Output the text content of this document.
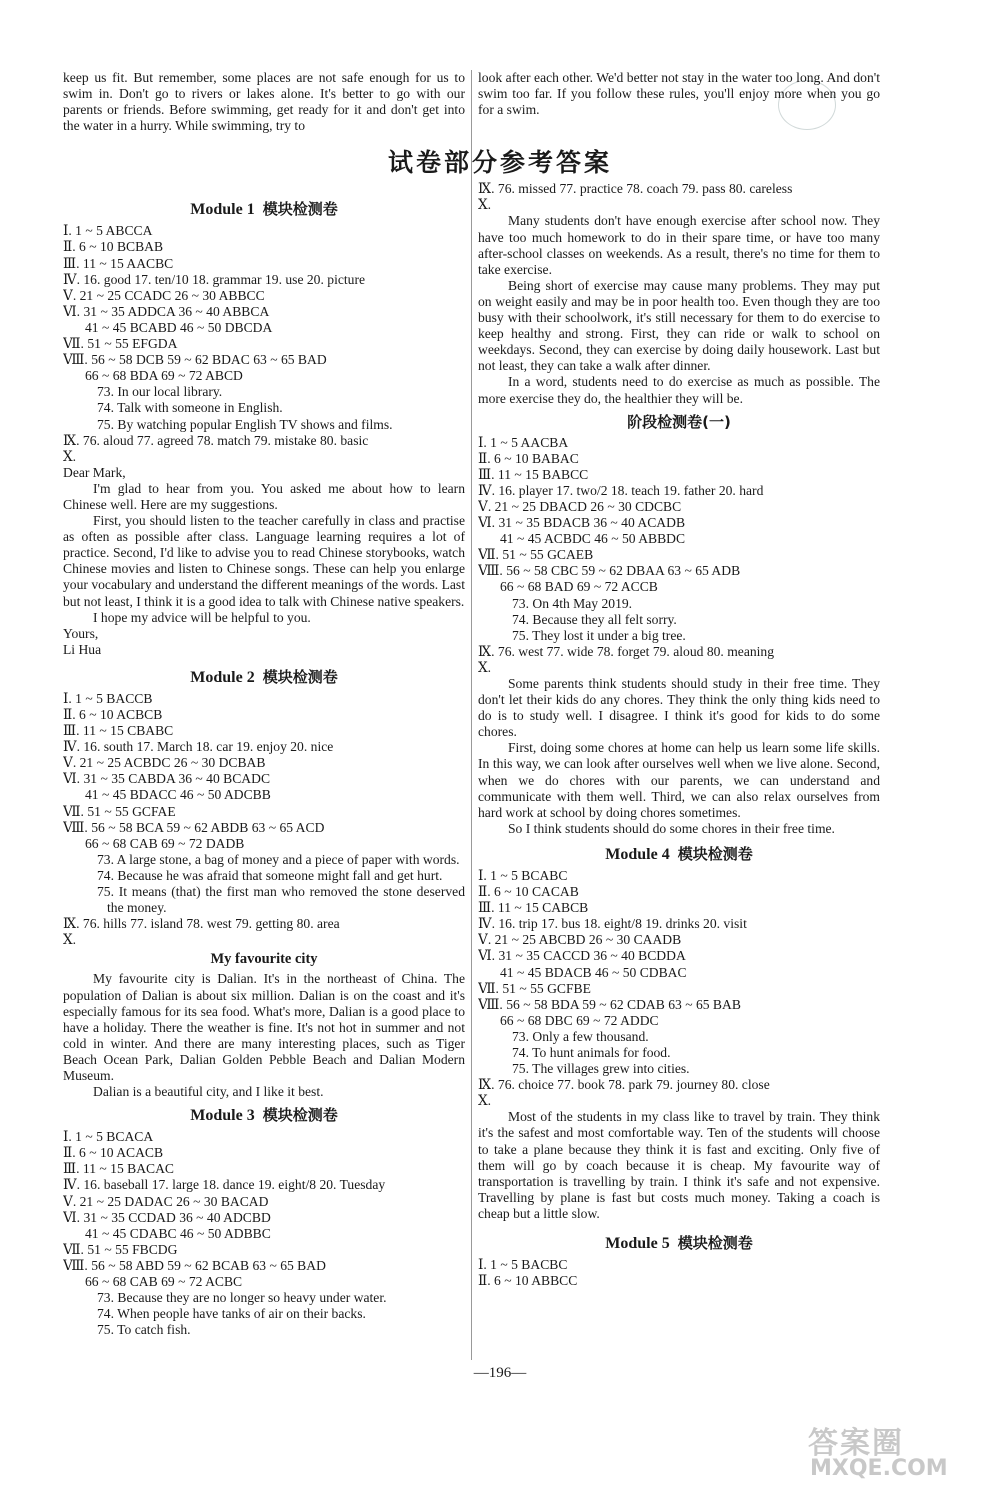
keep us fit. But remember, some places are not safe enough for us to swim in. Don't go to rivers or lakes alone. It's better to go with our parents or friends. Before swimming, get ready for it and don't get into the water in a hurry. While swimming, try to

Module 1 模块检测卷
Ⅰ. 1 ~ 5 ABCCA
Ⅱ. 6 ~ 10 BCBAB
Ⅲ. 11 ~ 15 AACBC
Ⅳ. 16. good 17. ten/10 18. grammar 19. use 20. picture
Ⅴ. 21 ~ 25 CCADC 26 ~ 30 ABBCC
Ⅵ. 31 ~ 35 ADDCA 36 ~ 40 ABBCA
41 ~ 45 BCABD 46 ~ 50 DBCDA
Ⅶ. 51 ~ 55 EFGDA
Ⅷ. 56 ~ 58 DCB 59 ~ 62 BDAC 63 ~ 65 BAD
66 ~ 68 BDA 69 ~ 72 ABCD
73. In our local library.
74. Talk with someone in English.
75. By watching popular English TV shows and films.
Ⅸ. 76. aloud 77. agreed 78. match 79. mistake 80. basic
Ⅹ.

Dear Mark,

I'm glad to hear from you. You asked me about how to learn Chinese well. Here are my suggestions.

First, you should listen to the teacher carefully in class and practise as often as possible after class. Language learning requires a lot of practice. Second, I'd like to advise you to read Chinese storybooks, watch Chinese movies and listen to Chinese songs. These can help you enlarge your vocabulary and understand the different meanings of the words. Last but not least, I think it is a good idea to talk with Chinese native speakers.

I hope my advice will be helpful to you.

Yours,

Li Hua

Module 2 模块检测卷
Ⅰ. 1 ~ 5 BACCB
Ⅱ. 6 ~ 10 ACBCB
Ⅲ. 11 ~ 15 CBABC
Ⅳ. 16. south 17. March 18. car 19. enjoy 20. nice
Ⅴ. 21 ~ 25 ACBDC 26 ~ 30 DCBAB
Ⅵ. 31 ~ 35 CABDA 36 ~ 40 BCADC
41 ~ 45 BDACC 46 ~ 50 ADCBB
Ⅶ. 51 ~ 55 GCFAE
Ⅷ. 56 ~ 58 BCA 59 ~ 62 ABDB 63 ~ 65 ACD
66 ~ 68 CAB 69 ~ 72 DADB

73. A large stone, a bag of money and a piece of paper with words.

74. Because he was afraid that someone might fall and get hurt.

75. It means (that) the first man who removed the stone deserved the money.

Ⅸ. 76. hills 77. island 78. west 79. getting 80. area
Ⅹ.
My favourite city

My favourite city is Dalian. It's in the northeast of China. The population of Dalian is about six million. Dalian is on the coast and it's especially famous for its sea food. What's more, Dalian is a good place to have a holiday. There the weather is fine. It's not hot in summer and not cold in winter. And there are many interesting places, such as Tiger Beach Ocean Park, Dalian Golden Pebble Beach and Dalian Modern Museum.

Dalian is a beautiful city, and I like it best.

Module 3 模块检测卷
Ⅰ. 1 ~ 5 BCACA
Ⅱ. 6 ~ 10 ACACB
Ⅲ. 11 ~ 15 BACAC
Ⅳ. 16. baseball 17. large 18. dance 19. eight/8 20. Tuesday
Ⅴ. 21 ~ 25 DADAC 26 ~ 30 BACAD
Ⅵ. 31 ~ 35 CCDAD 36 ~ 40 ADCBD
41 ~ 45 CDABC 46 ~ 50 ADBBC
Ⅶ. 51 ~ 55 FBCDG
Ⅷ. 56 ~ 58 ABD 59 ~ 62 BCAB 63 ~ 65 BAD
66 ~ 68 CAB 69 ~ 72 ACBC
73. Because they are no longer so heavy under water.
74. When people have tanks of air on their backs.
75. To catch fish.
试卷部分参考答案

look after each other. We'd better not stay in the water too long. And don't swim too far. If you follow these rules, you'll enjoy more when you go for a swim.

Ⅸ. 76. missed 77. practice 78. coach 79. pass 80. careless
Ⅹ.

Many students don't have enough exercise after school now. They have too much homework to do in their spare time, or have too many after-school classes on weekends. As a result, there's no time for them to take exercise.

Being short of exercise may cause many problems. They may put on weight easily and may be in poor health too. Even though they are too busy with their schoolwork, it's still necessary for them to do exercise to keep healthy and strong. First, they can ride or walk to school on weekdays. Second, they can exercise by doing daily housework. Last but not least, they can take a walk after dinner.

In a word, students need to do exercise as much as possible. The more exercise they do, the healthier they will be.

阶段检测卷(一)
Ⅰ. 1 ~ 5 AACBA
Ⅱ. 6 ~ 10 BABAC
Ⅲ. 11 ~ 15 BABCC
Ⅳ. 16. player 17. two/2 18. teach 19. father 20. hard
Ⅴ. 21 ~ 25 DBACD 26 ~ 30 CDCBC
Ⅵ. 31 ~ 35 BDACB 36 ~ 40 ACADB
41 ~ 45 ACBDC 46 ~ 50 ABBDC
Ⅶ. 51 ~ 55 GCAEB
Ⅷ. 56 ~ 58 CBC 59 ~ 62 DBAA 63 ~ 65 ADB
66 ~ 68 BAD 69 ~ 72 ACCB
73. On 4th May 2019.
74. Because they all felt sorry.
75. They lost it under a big tree.
Ⅸ. 76. west 77. wide 78. forget 79. aloud 80. meaning
Ⅹ.

Some parents think students should study in their free time. They don't let their kids do any chores. They think the only thing kids need to do is to study well. I disagree. I think it's good for kids to do some chores.

First, doing some chores at home can help us learn some life skills. In this way, we can look after ourselves well when we live alone. Second, when we do chores with our parents, we can understand and communicate with them well. Third, we can also relax ourselves from hard work at school by doing chores sometimes.

So I think students should do some chores in their free time.

Module 4 模块检测卷
Ⅰ. 1 ~ 5 BCABC
Ⅱ. 6 ~ 10 CACAB
Ⅲ. 11 ~ 15 CABCB
Ⅳ. 16. trip 17. bus 18. eight/8 19. drinks 20. visit
Ⅴ. 21 ~ 25 ABCBD 26 ~ 30 CAADB
Ⅵ. 31 ~ 35 CACCD 36 ~ 40 BCDDA
41 ~ 45 BDACB 46 ~ 50 CDBAC
Ⅶ. 51 ~ 55 GCFBE
Ⅷ. 56 ~ 58 BDA 59 ~ 62 CDAB 63 ~ 65 BAB
66 ~ 68 DBC 69 ~ 72 ADDC
73. Only a few thousand.
74. To hunt animals for food.
75. The villages grew into cities.
Ⅸ. 76. choice 77. book 78. park 79. journey 80. close
Ⅹ.

Most of the students in my class like to travel by train. They think it's the safest and most comfortable way. Ten of the students will choose to take a plane because they think it is fast and exciting. Only five of them will go by coach because it is cheap. My favourite way of transportation is travelling by train. I think it's safe and not expensive. Travelling by plane is fast but costs much money. Taking a coach is cheap but a little slow.

Module 5 模块检测卷
Ⅰ. 1 ~ 5 BACBC
Ⅱ. 6 ~ 10 ABBCC
—196—
答案圈
MXQE.COM
